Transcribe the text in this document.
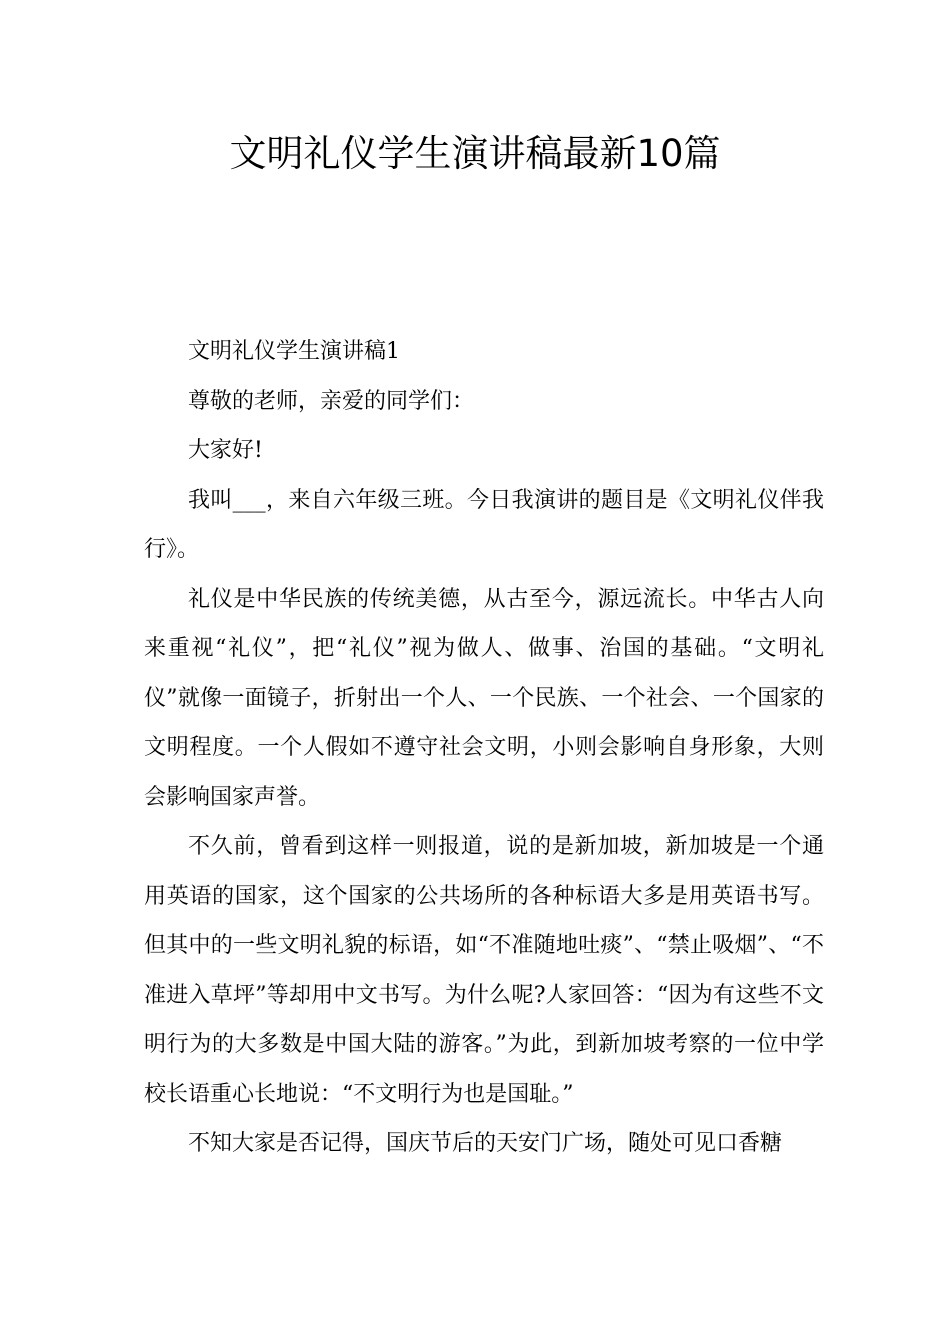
文明礼仪学生演讲稿最新10篇

文明礼仪学生演讲稿1

尊敬的老师，亲爱的同学们：

大家好!

我叫___，来自六年级三班。今日我演讲的题目是《文明礼仪伴我行》。

礼仪是中华民族的传统美德，从古至今，源远流长。中华古人向来重视“礼仪”，把“礼仪”视为做人、做事、治国的基础。“文明礼仪”就像一面镜子，折射出一个人、一个民族、一个社会、一个国家的文明程度。一个人假如不遵守社会文明，小则会影响自身形象，大则会影响国家声誉。

不久前，曾看到这样一则报道，说的是新加坡，新加坡是一个通用英语的国家，这个国家的公共场所的各种标语大多是用英语书写。但其中的一些文明礼貌的标语，如“不准随地吐痰”、“禁止吸烟”、“不准进入草坪”等却用中文书写。为什么呢?人家回答：“因为有这些不文明行为的大多数是中国大陆的游客。”为此，到新加坡考察的一位中学校长语重心长地说：“不文明行为也是国耻。”

不知大家是否记得，国庆节后的天安门广场，随处可见口香糖
